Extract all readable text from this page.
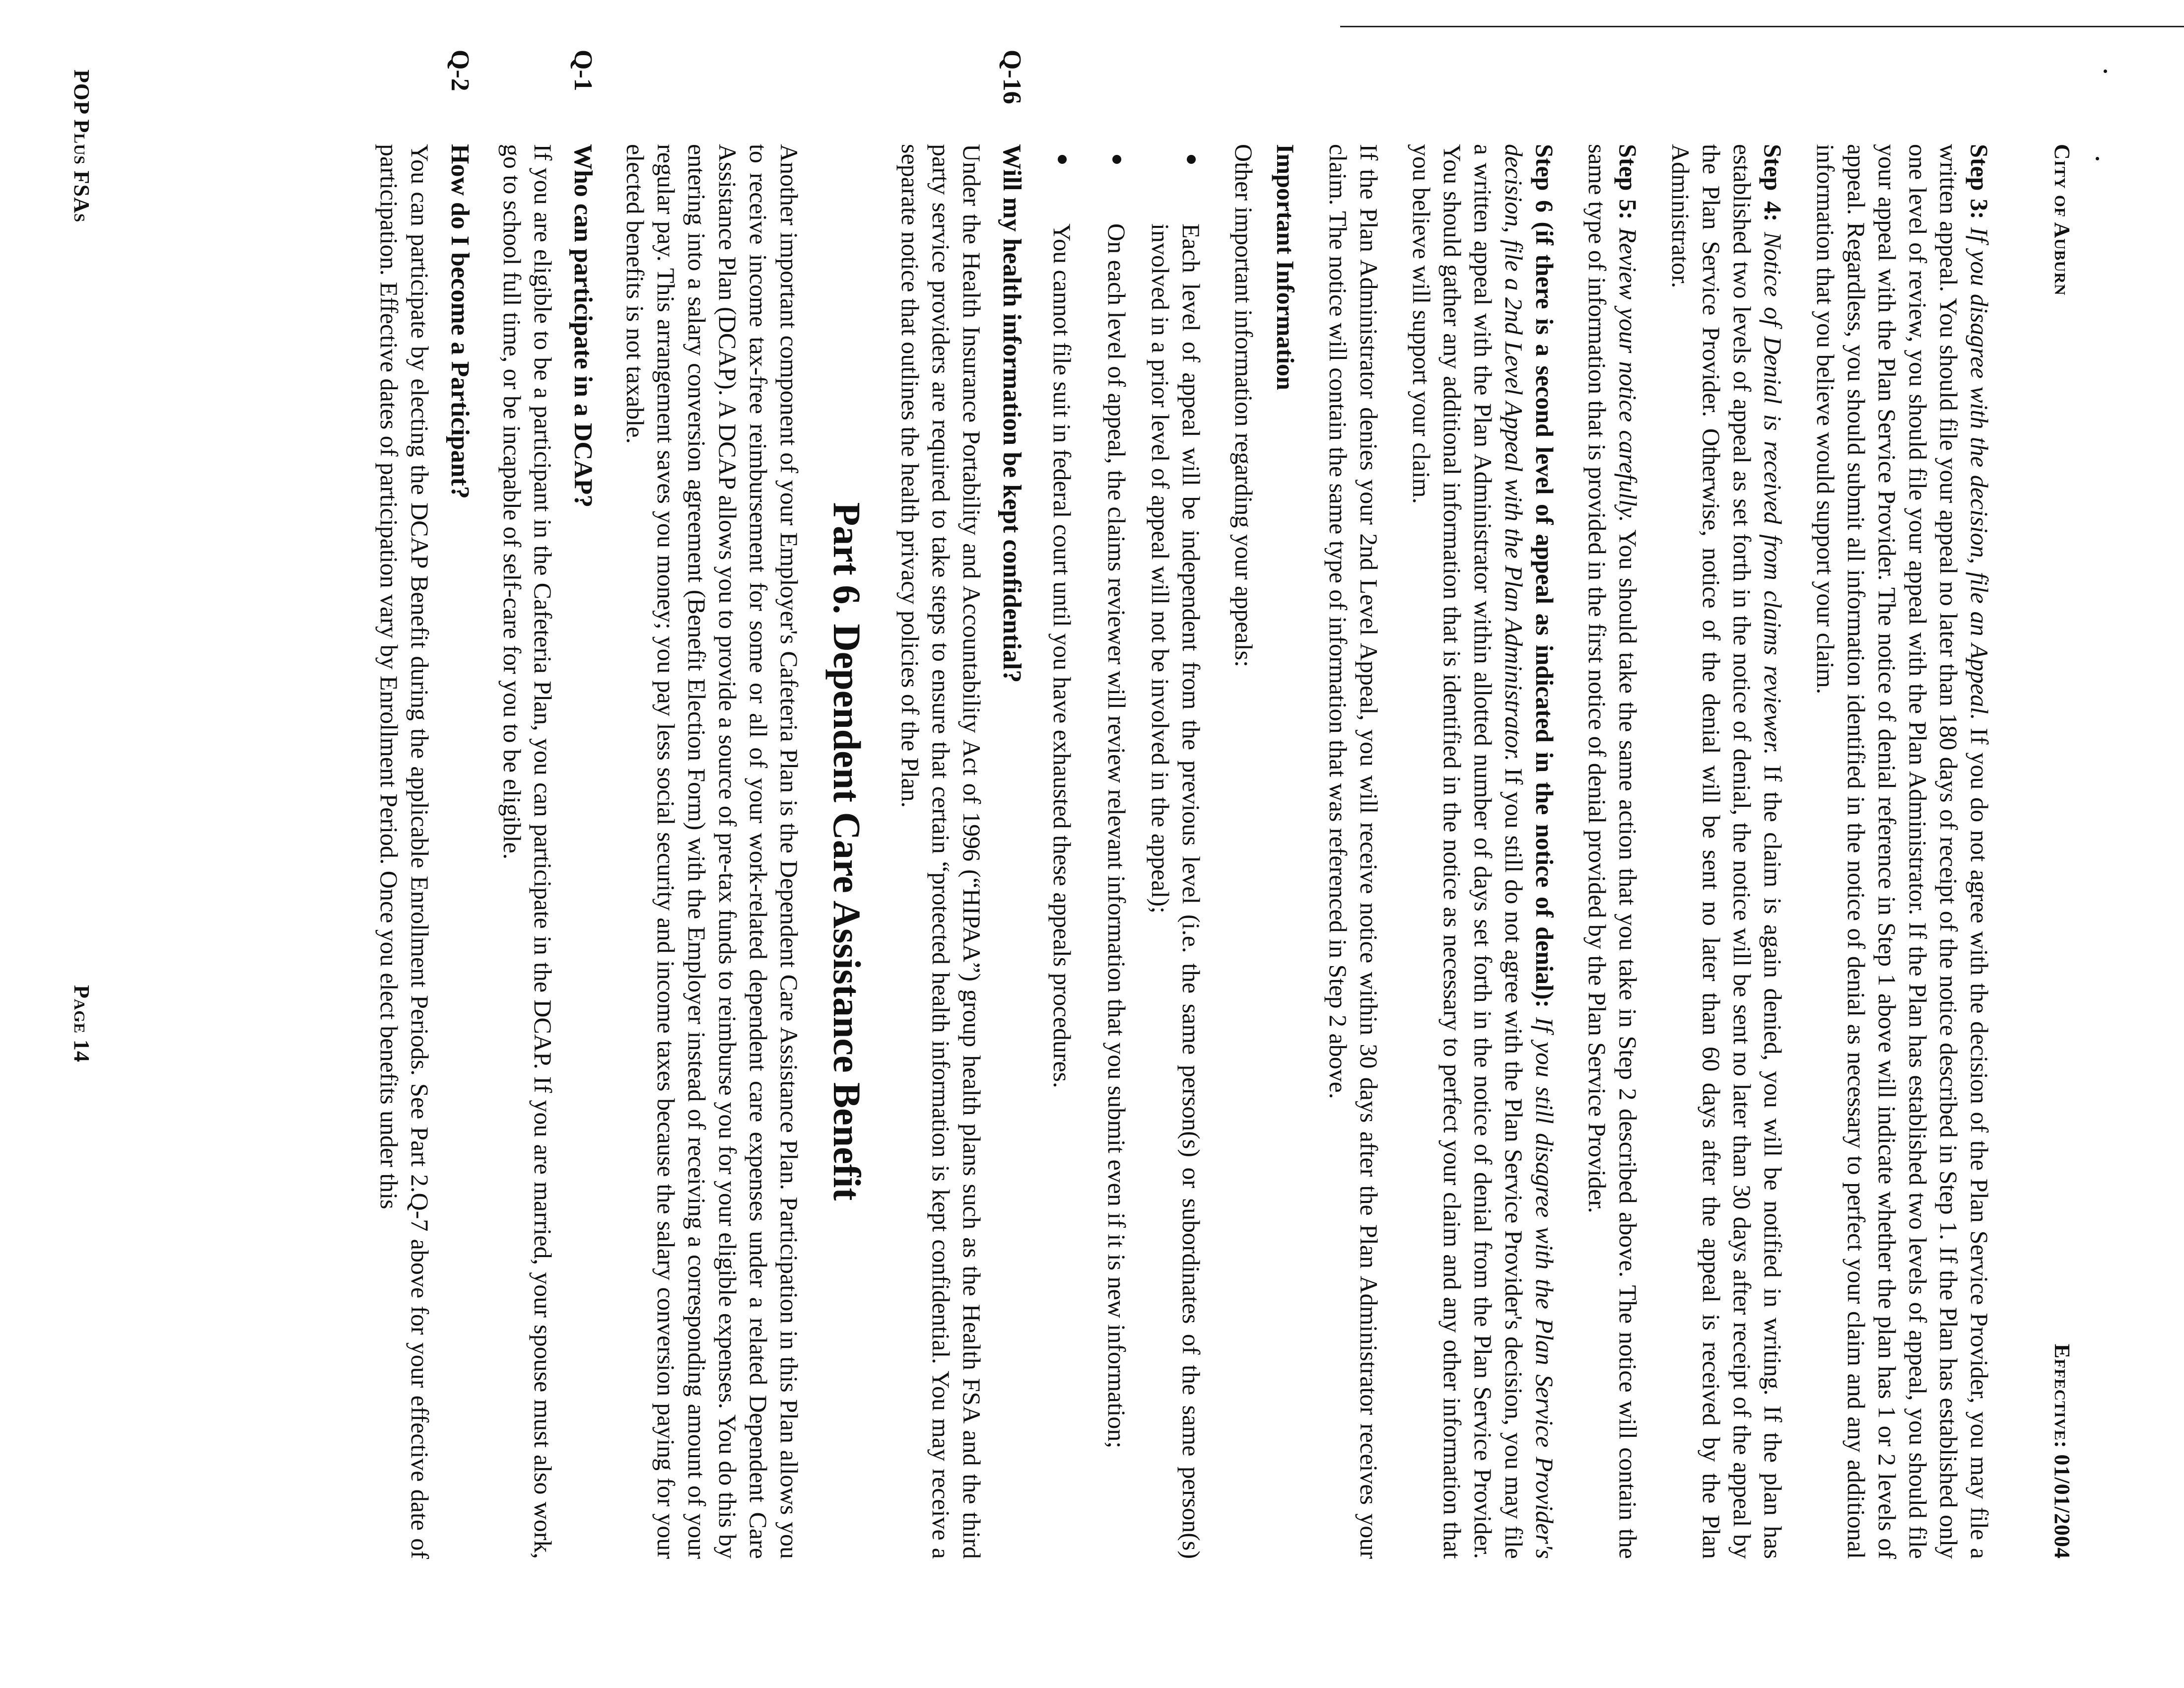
City of Auburn
Effective: 01/01/2004

Step 3: If you disagree with the decision, file an Appeal. If you do not agree with the decision of the Plan Service Provider, you may file a written appeal. You should file your appeal no later than 180 days of receipt of the notice described in Step 1. If the Plan has established only one level of review, you should file your appeal with the Plan Administrator. If the Plan has established two levels of appeal, you should file your appeal with the Plan Service Provider. The notice of denial reference in Step 1 above will indicate whether the plan has 1 or 2 levels of appeal. Regardless, you should submit all information identified in the notice of denial as necessary to perfect your claim and any additional information that you believe would support your claim.

Step 4: Notice of Denial is received from claims reviewer. If the claim is again denied, you will be notified in writing. If the plan has established two levels of appeal as set forth in the notice of denial, the notice will be sent no later than 30 days after receipt of the appeal by the Plan Service Provider. Otherwise, notice of the denial will be sent no later than 60 days after the appeal is received by the Plan Administrator.

Step 5: Review your notice carefully. You should take the same action that you take in Step 2 described above. The notice will contain the same type of information that is provided in the first notice of denial provided by the Plan Service Provider.

Step 6 (if there is a second level of appeal as indicated in the notice of denial): If you still disagree with the Plan Service Provider's decision, file a 2nd Level Appeal with the Plan Administrator. If you still do not agree with the Plan Service Provider's decision, you may file a written appeal with the Plan Administrator within allotted number of days set forth in the notice of denial from the Plan Service Provider. You should gather any additional information that is identified in the notice as necessary to perfect your claim and any other information that you believe will support your claim.

If the Plan Administrator denies your 2nd Level Appeal, you will receive notice within 30 days after the Plan Administrator receives your claim. The notice will contain the same type of information that was referenced in Step 2 above.

Important Information

Other important information regarding your appeals:

Each level of appeal will be independent from the previous level (i.e. the same person(s) or subordinates of the same person(s) involved in a prior level of appeal will not be involved in the appeal);
On each level of appeal, the claims reviewer will review relevant information that you submit even if it is new information;
You cannot file suit in federal court until you have exhausted these appeals procedures.
Q-16
Will my health information be kept confidential?

Under the Health Insurance Portability and Accountability Act of 1996 (“HIPAA”) group health plans such as the Health FSA and the third party service providers are required to take steps to ensure that certain “protected health information is kept confidential. You may receive a separate notice that outlines the health privacy policies of the Plan.

Part 6. Dependent Care Assistance Benefit

Another important component of your Employer's Cafeteria Plan is the Dependent Care Assistance Plan. Participation in this Plan allows you to receive income tax-free reimbursement for some or all of your work-related dependent care expenses under a related Dependent Care Assistance Plan (DCAP). A DCAP allows you to provide a source of pre-tax funds to reimburse you for your eligible expenses. You do this by entering into a salary conversion agreement (Benefit Election Form) with the Employer instead of receiving a corresponding amount of your regular pay. This arrangement saves you money; you pay less social security and income taxes because the salary conversion paying for your elected benefits is not taxable.

Q-1
Who can participate in a DCAP?

If you are eligible to be a participant in the Cafeteria Plan, you can participate in the DCAP. If you are married, your spouse must also work, go to school full time, or be incapable of self-care for you to be eligible.

Q-2
How do I become a Participant?

You can participate by electing the DCAP Benefit during the applicable Enrollment Periods. See Part 2.Q-7 above for your effective date of participation. Effective dates of participation vary by Enrollment Period. Once you elect benefits under this

POP Plus FSAs
Page 14
